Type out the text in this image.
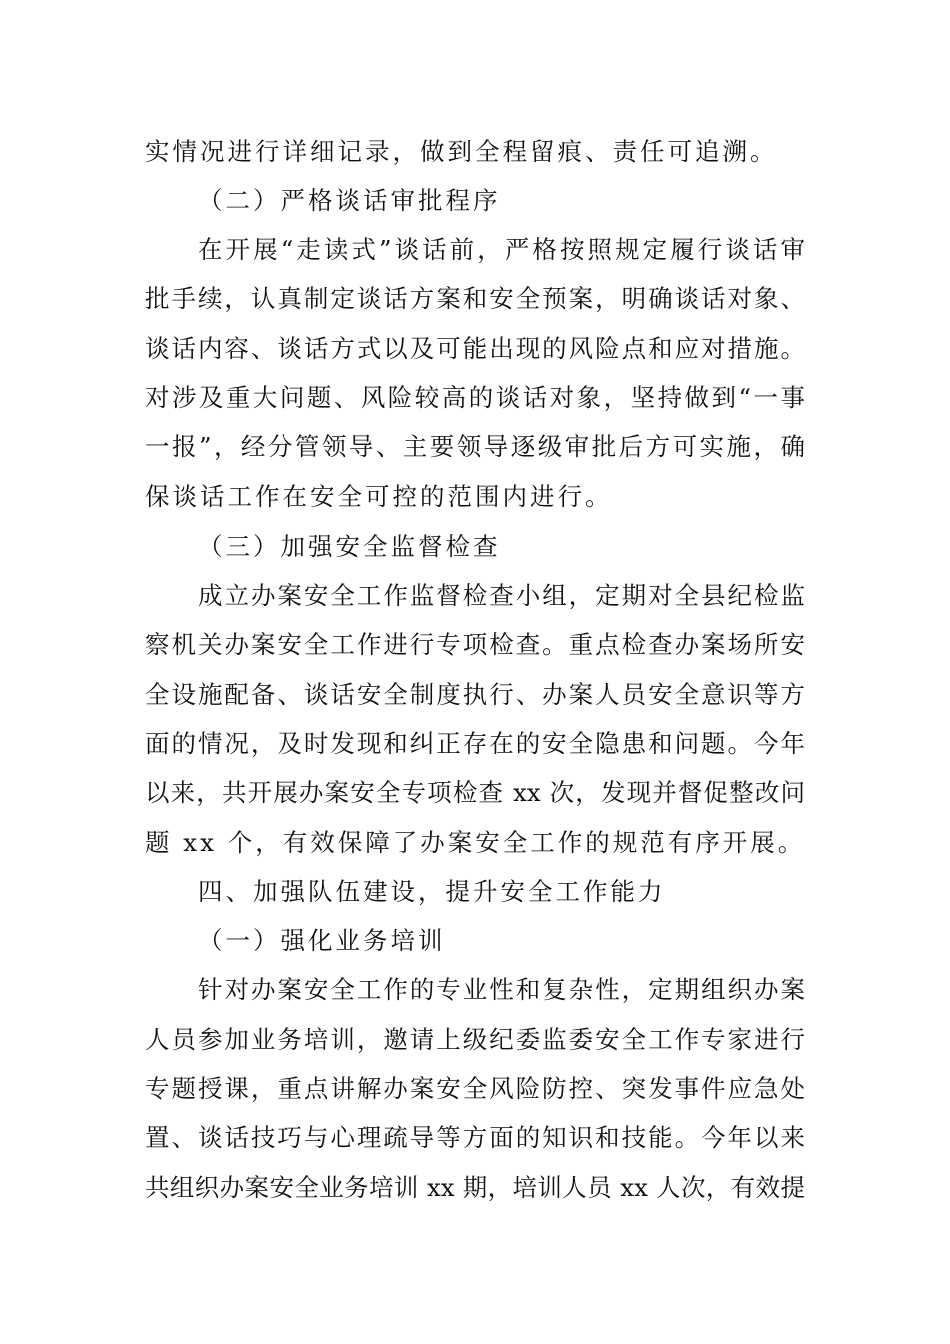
实情况进行详细记录，做到全程留痕、责任可追溯。
（二）严格谈话审批程序
在开展“走读式”谈话前，严格按照规定履行谈话审
批手续，认真制定谈话方案和安全预案，明确谈话对象、
谈话内容、谈话方式以及可能出现的风险点和应对措施。
对涉及重大问题、风险较高的谈话对象，坚持做到“一事
一报”，经分管领导、主要领导逐级审批后方可实施，确
保谈话工作在安全可控的范围内进行。
（三）加强安全监督检查
成立办案安全工作监督检查小组，定期对全县纪检监
察机关办案安全工作进行专项检查。重点检查办案场所安
全设施配备、谈话安全制度执行、办案人员安全意识等方
面的情况，及时发现和纠正存在的安全隐患和问题。今年
以来，共开展办案安全专项检查 xx 次，发现并督促整改问
题 xx 个，有效保障了办案安全工作的规范有序开展。
四、加强队伍建设，提升安全工作能力
（一）强化业务培训
针对办案安全工作的专业性和复杂性，定期组织办案
人员参加业务培训，邀请上级纪委监委安全工作专家进行
专题授课，重点讲解办案安全风险防控、突发事件应急处
置、谈话技巧与心理疏导等方面的知识和技能。今年以来
共组织办案安全业务培训 xx 期，培训人员 xx 人次，有效提
